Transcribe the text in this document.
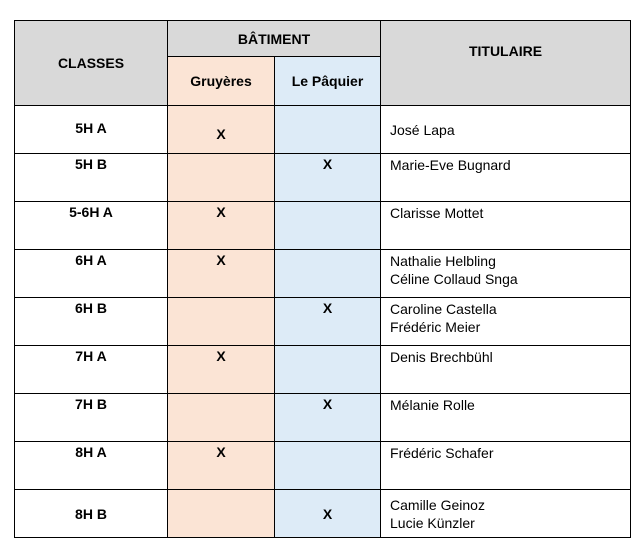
CLASSES	BÂTIMENT		TITULAIRE
	Gruyères	Le Pâquier	
5H A	X		José Lapa

5H B		X	Marie-Eve Bugnard

5-6H A	X		Clarisse Mottet

6H A	X		Nathalie Helbling
Céline Collaud Snga

6H B		X	Caroline Castella
Frédéric Meier

7H A	X		Denis Brechbühl

7H B		X	Mélanie Rolle

8H A	X		Frédéric Schafer

8H B		X	Camille Geinoz
Lucie Künzler
